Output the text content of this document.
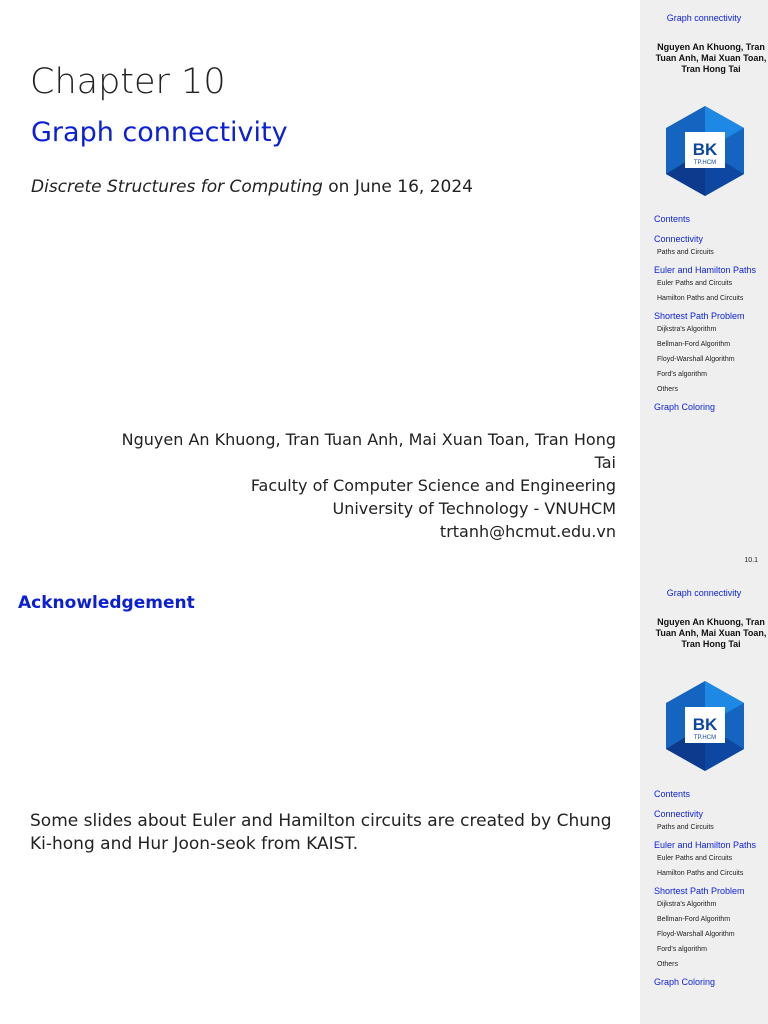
Chapter 10
Graph connectivity
Discrete Structures for Computing on June 16, 2024
Nguyen An Khuong, Tran Tuan Anh, Mai Xuan Toan, Tran Hong
Tai
Faculty of Computer Science and Engineering
University of Technology - VNUHCM
trtanh@hcmut.edu.vn
Graph connectivity
Nguyen An Khuong, Tran Tuan Anh, Mai Xuan Toan, Tran Hong Tai
BK
TP.HCM
Contents
Connectivity
Paths and Circuits
Euler and Hamilton Paths
Euler Paths and Circuits
Hamilton Paths and Circuits
Shortest Path Problem
Dijkstra's Algorithm
Bellman-Ford Algorithm
Floyd-Warshall Algorithm
Ford's algorithm
Others
Graph Coloring
10.1
Acknowledgement
Some slides about Euler and Hamilton circuits are created by Chung Ki-hong and Hur Joon-seok from KAIST.
Graph connectivity
Nguyen An Khuong, Tran Tuan Anh, Mai Xuan Toan, Tran Hong Tai
BK
TP.HCM
Contents
Connectivity
Paths and Circuits
Euler and Hamilton Paths
Euler Paths and Circuits
Hamilton Paths and Circuits
Shortest Path Problem
Dijkstra's Algorithm
Bellman-Ford Algorithm
Floyd-Warshall Algorithm
Ford's algorithm
Others
Graph Coloring
